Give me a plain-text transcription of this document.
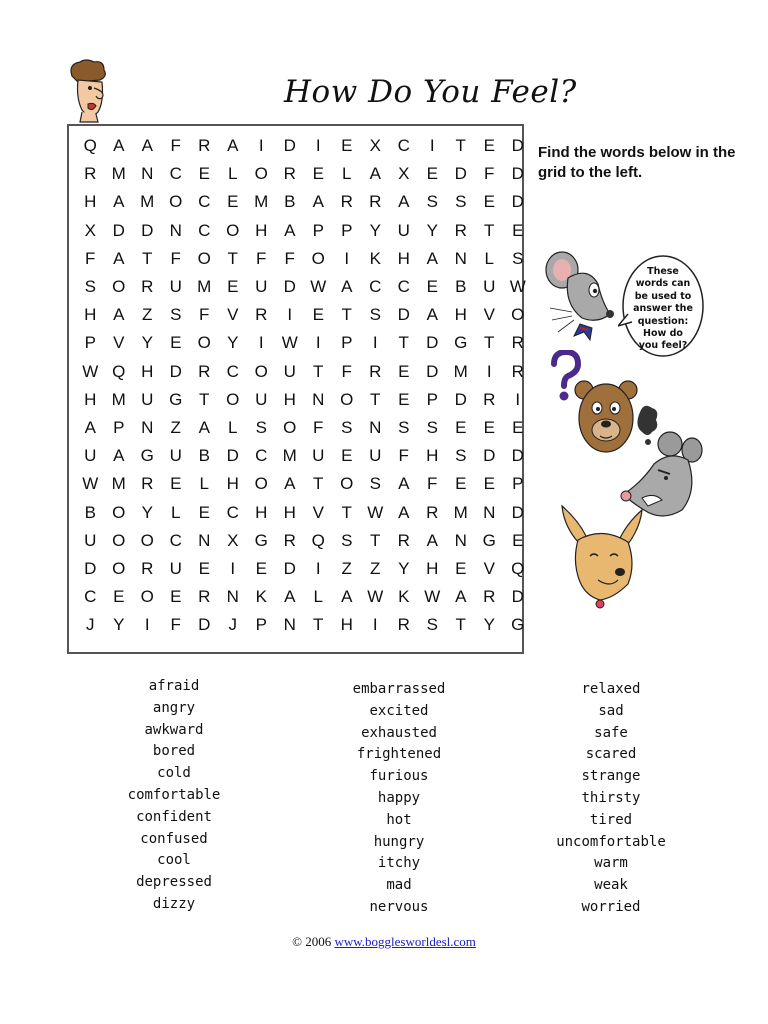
How Do You Feel?
Q A	A	F	R A	I	D	I	E	X C	I	T	E D
R M N C E	L	O R E	L	A	X	E D	F	D
H A M O C E M B	A R R A	S	S	E D
X D D N C O H A	P	P	Y U Y R	T	E
F	A	T	F O T	F	F O	I	K H A N	L	S
S O R U M E U D W A C C E	B U W
H A	Z	S	F	V R	I	E	T	S D A H V O
P	V	Y	E O Y	I	W	I	P	I	T	D G T	R
W Q H D R C O U	T	F	R E D M	I	R
H M U G T O U H N O T	E	P D R	I
A	P N	Z	A	L	S O F	S N S	S	E	E	E
U A G U B D C M U E U	F	H S D D
W M R E	L	H O A	T O S	A	F	E	E	P
B O Y	L	E C H H V	T W A R M N D
U O O C N X G R Q S	T	R A N G E
D O R U E	I	E D	I	Z	Z	Y H E	V Q
C E O E R N K	A	L	A W K W A R D
J	Y	I	F	D	J	P N	T	H	I	R S	T	Y G
Find the words below in the grid to the left.
These
words can
be used to
answer the
question:
How do
you feel?
afraid
angry
awkward
bored
cold
comfortable
confident
confused
cool
depressed
dizzy
embarrassed
excited
exhausted
frightened
furious
happy
hot
hungry
itchy
mad
nervous
relaxed
sad
safe
scared
strange
thirsty
tired
uncomfortable
warm
weak
worried
© 2006 www.bogglesworldesl.com
